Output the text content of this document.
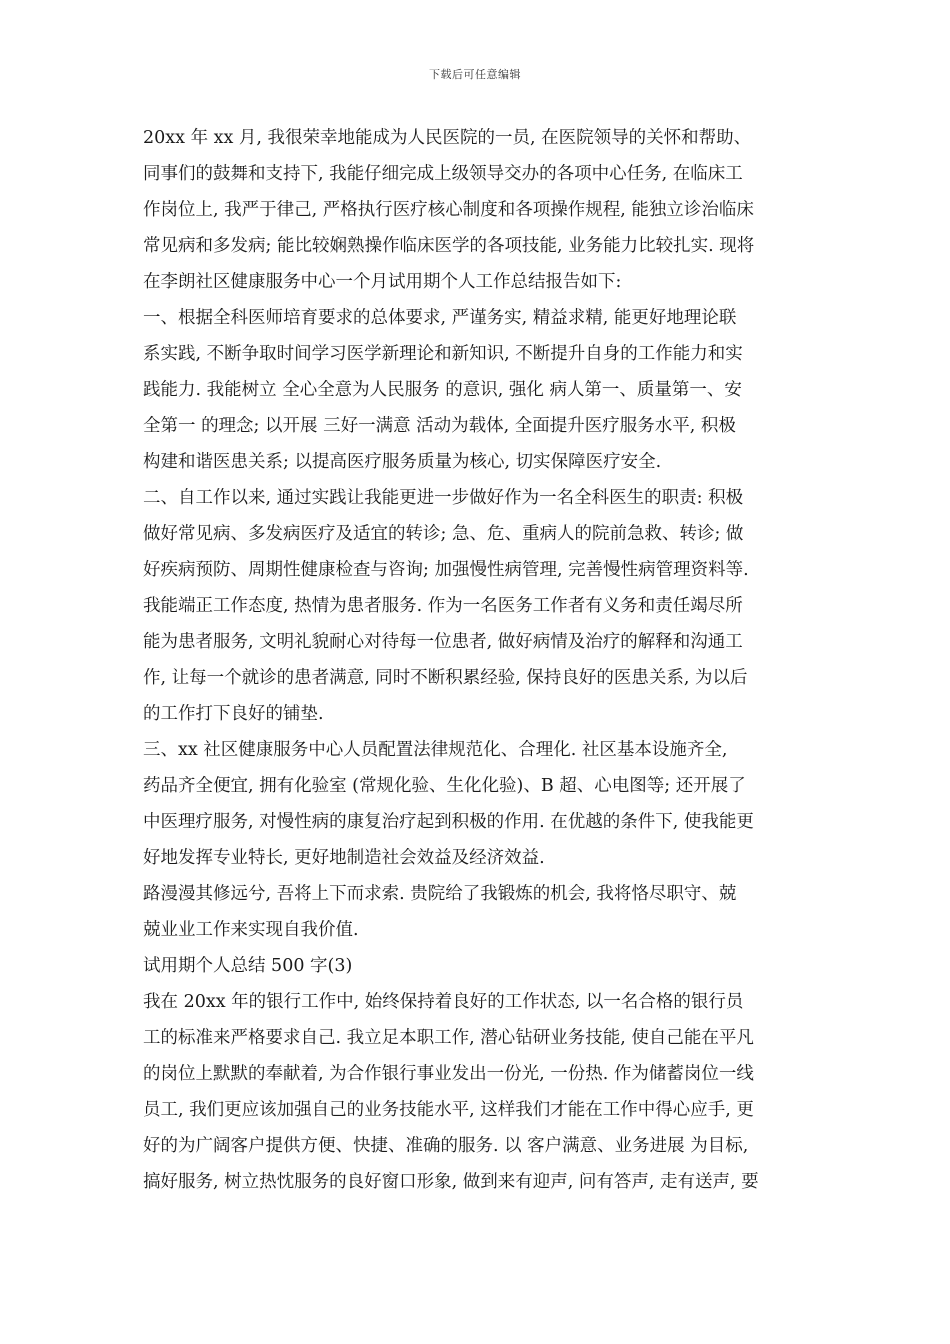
下载后可任意编辑
20xx 年 xx 月, 我很荣幸地能成为人民医院的一员, 在医院领导的关怀和帮助、
同事们的鼓舞和支持下, 我能仔细完成上级领导交办的各项中心任务, 在临床工
作岗位上, 我严于律己, 严格执行医疗核心制度和各项操作规程, 能独立诊治临床
常见病和多发病; 能比较娴熟操作临床医学的各项技能, 业务能力比较扎实. 现将
在李朗社区健康服务中心一个月试用期个人工作总结报告如下:
一、根据全科医师培育要求的总体要求, 严谨务实, 精益求精, 能更好地理论联
系实践, 不断争取时间学习医学新理论和新知识, 不断提升自身的工作能力和实
践能力. 我能树立 全心全意为人民服务 的意识, 强化 病人第一、质量第一、安
全第一 的理念; 以开展 三好一满意 活动为载体, 全面提升医疗服务水平, 积极
构建和谐医患关系; 以提高医疗服务质量为核心, 切实保障医疗安全.
二、自工作以来, 通过实践让我能更进一步做好作为一名全科医生的职责: 积极
做好常见病、多发病医疗及适宜的转诊; 急、危、重病人的院前急救、转诊; 做
好疾病预防、周期性健康检查与咨询; 加强慢性病管理, 完善慢性病管理资料等.
我能端正工作态度, 热情为患者服务. 作为一名医务工作者有义务和责任竭尽所
能为患者服务, 文明礼貌耐心对待每一位患者, 做好病情及治疗的解释和沟通工
作, 让每一个就诊的患者满意, 同时不断积累经验, 保持良好的医患关系, 为以后
的工作打下良好的铺垫.
三、xx 社区健康服务中心人员配置法律规范化、合理化. 社区基本设施齐全,
药品齐全便宜, 拥有化验室 (常规化验、生化化验)、B 超、心电图等; 还开展了
中医理疗服务, 对慢性病的康复治疗起到积极的作用. 在优越的条件下, 使我能更
好地发挥专业特长, 更好地制造社会效益及经济效益.
路漫漫其修远兮, 吾将上下而求索. 贵院给了我锻炼的机会, 我将恪尽职守、兢
兢业业工作来实现自我价值.
试用期个人总结 500 字(3)
我在 20xx 年的银行工作中, 始终保持着良好的工作状态, 以一名合格的银行员
工的标准来严格要求自己. 我立足本职工作, 潜心钻研业务技能, 使自己能在平凡
的岗位上默默的奉献着, 为合作银行事业发出一份光, 一份热. 作为储蓄岗位一线
员工, 我们更应该加强自己的业务技能水平, 这样我们才能在工作中得心应手, 更
好的为广阔客户提供方便、快捷、准确的服务. 以 客户满意、业务进展 为目标,
搞好服务, 树立热忱服务的良好窗口形象, 做到来有迎声, 问有答声, 走有送声, 要
